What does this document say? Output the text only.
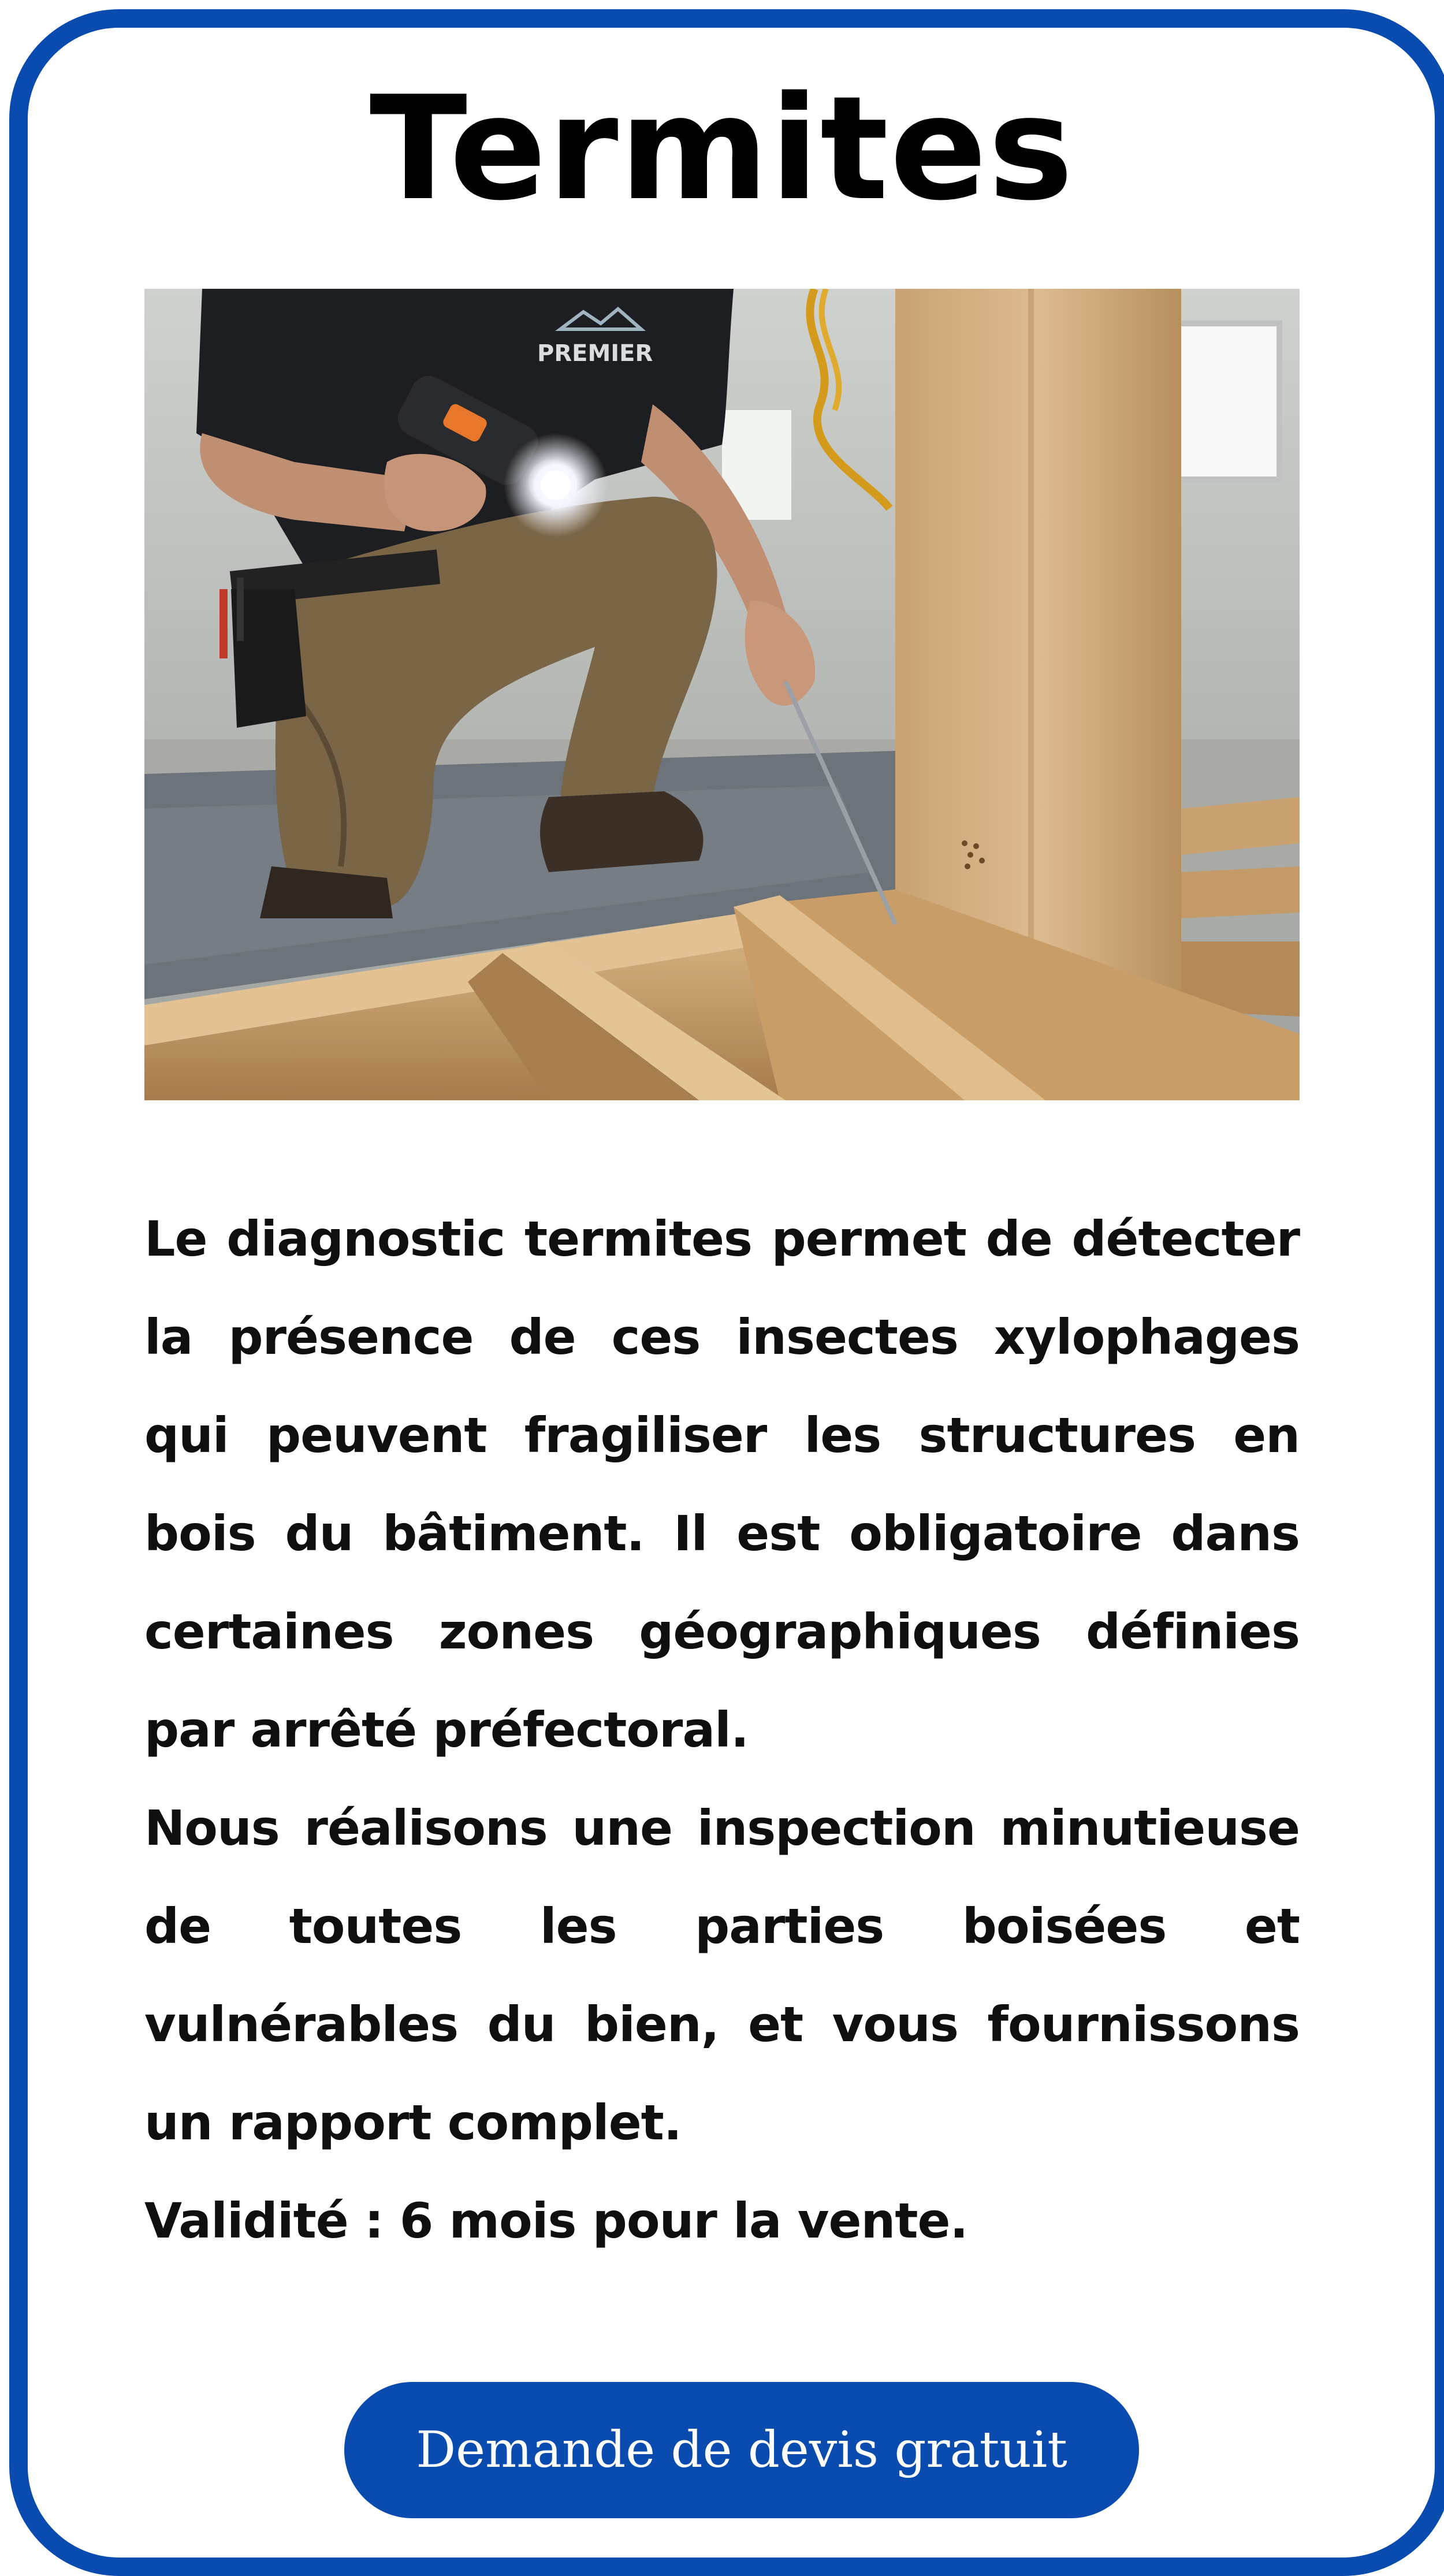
Termites
PREMIER

Le diagnostic termites permet de détecter la présence de ces insectes xylophages qui peuvent fragiliser les structures en bois du bâtiment. Il est obligatoire dans certaines zones géographiques définies par arrêté préfectoral.

Nous réalisons une inspection minutieuse de toutes les parties boisées et vulnérables du bien, et vous fournissons un rapport complet.

Validité : 6 mois pour la vente.
Demande de devis gratuit
